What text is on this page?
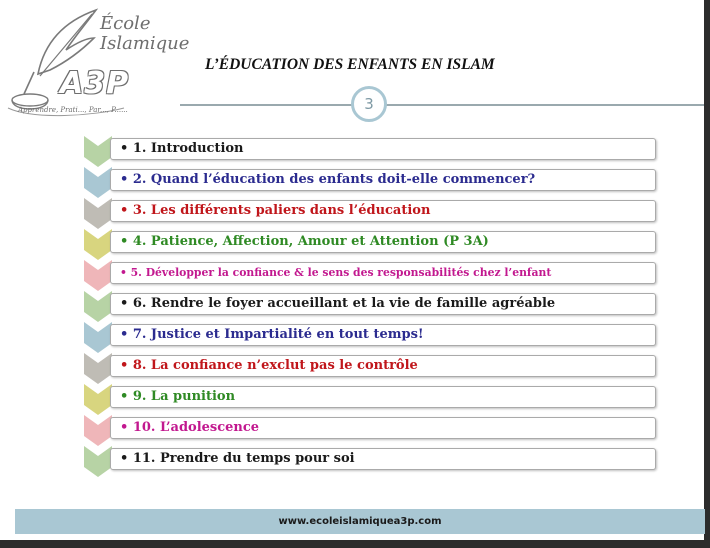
École
Islamique
A3P
Apprendre, Prati..., Par..., P......
L’ÉDUCATION DES ENFANTS EN ISLAM
3
• 1. Introduction
• 2. Quand l’éducation des enfants doit-elle commencer?
• 3. Les différents paliers dans l’éducation
• 4. Patience, Affection, Amour et Attention (P 3A)
• 5. Développer la confiance & le sens des responsabilités chez l’enfant
• 6. Rendre le foyer accueillant et la vie de famille agréable
• 7. Justice et Impartialité en tout temps!
• 8. La confiance n’exclut pas le contrôle
• 9. La punition
• 10. L’adolescence
• 11. Prendre du temps pour soi
www.ecoleislamiquea3p.com
